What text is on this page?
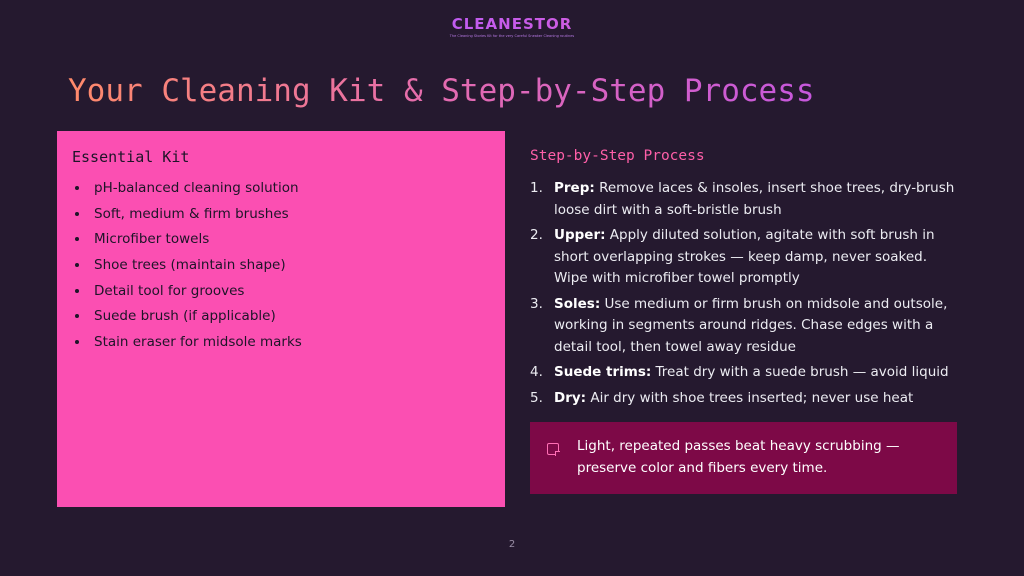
CLEANESTOR
The Cleaning Stories Kit for the very Careful Sneaker Cleaning routines
Your Cleaning Kit & Step-by-Step Process
Essential Kit
pH-balanced cleaning solution
Soft, medium & firm brushes
Microfiber towels
Shoe trees (maintain shape)
Detail tool for grooves
Suede brush (if applicable)
Stain eraser for midsole marks
Step-by-Step Process
1. Prep: Remove laces & insoles, insert shoe trees, dry-brush loose dirt with a soft-bristle brush
2. Upper: Apply diluted solution, agitate with soft brush in short overlapping strokes — keep damp, never soaked. Wipe with microfiber towel promptly
3. Soles: Use medium or firm brush on midsole and outsole, working in segments around ridges. Chase edges with a detail tool, then towel away residue
4. Suede trims: Treat dry with a suede brush — avoid liquid
5. Dry: Air dry with shoe trees inserted; never use heat
Light, repeated passes beat heavy scrubbing — preserve color and fibers every time.
2
